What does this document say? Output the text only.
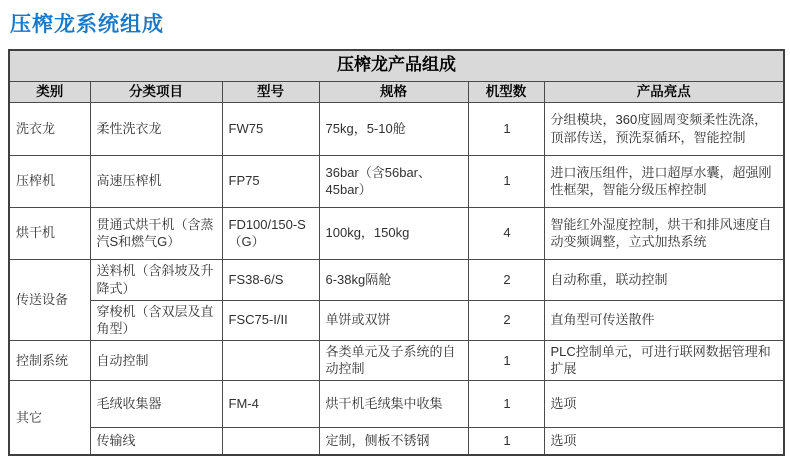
压榨龙系统组成
压榨龙产品组成					
类别	分类项目	型号	规格	机型数	产品亮点
洗衣龙	柔性洗衣龙	FW75	75kg，5-10舱	1	分组模块，360度圆周变频柔性洗涤，顶部传送，预洗泵循环，智能控制
压榨机	高速压榨机	FP75	36bar（含56bar、45bar）	1	进口液压组件，进口超厚水囊，超强刚性框架，智能分级压榨控制
烘干机	贯通式烘干机（含蒸汽S和燃气G）	FD100/150-S（G）	100kg，150kg	4	智能红外湿度控制，烘干和排风速度自动变频调整，立式加热系统
传送设备	送料机（含斜坡及升降式）	FS38-6/S	6-38kg隔舱	2	自动称重，联动控制
	穿梭机（含双层及直角型）	FSC75-I/II	单饼或双饼	2	直角型可传送散件
控制系统	自动控制		各类单元及子系统的自动控制	1	PLC控制单元，可进行联网数据管理和扩展
其它	毛绒收集器	FM-4	烘干机毛绒集中收集	1	选项
	传输线		定制，侧板不锈钢	1	选项
